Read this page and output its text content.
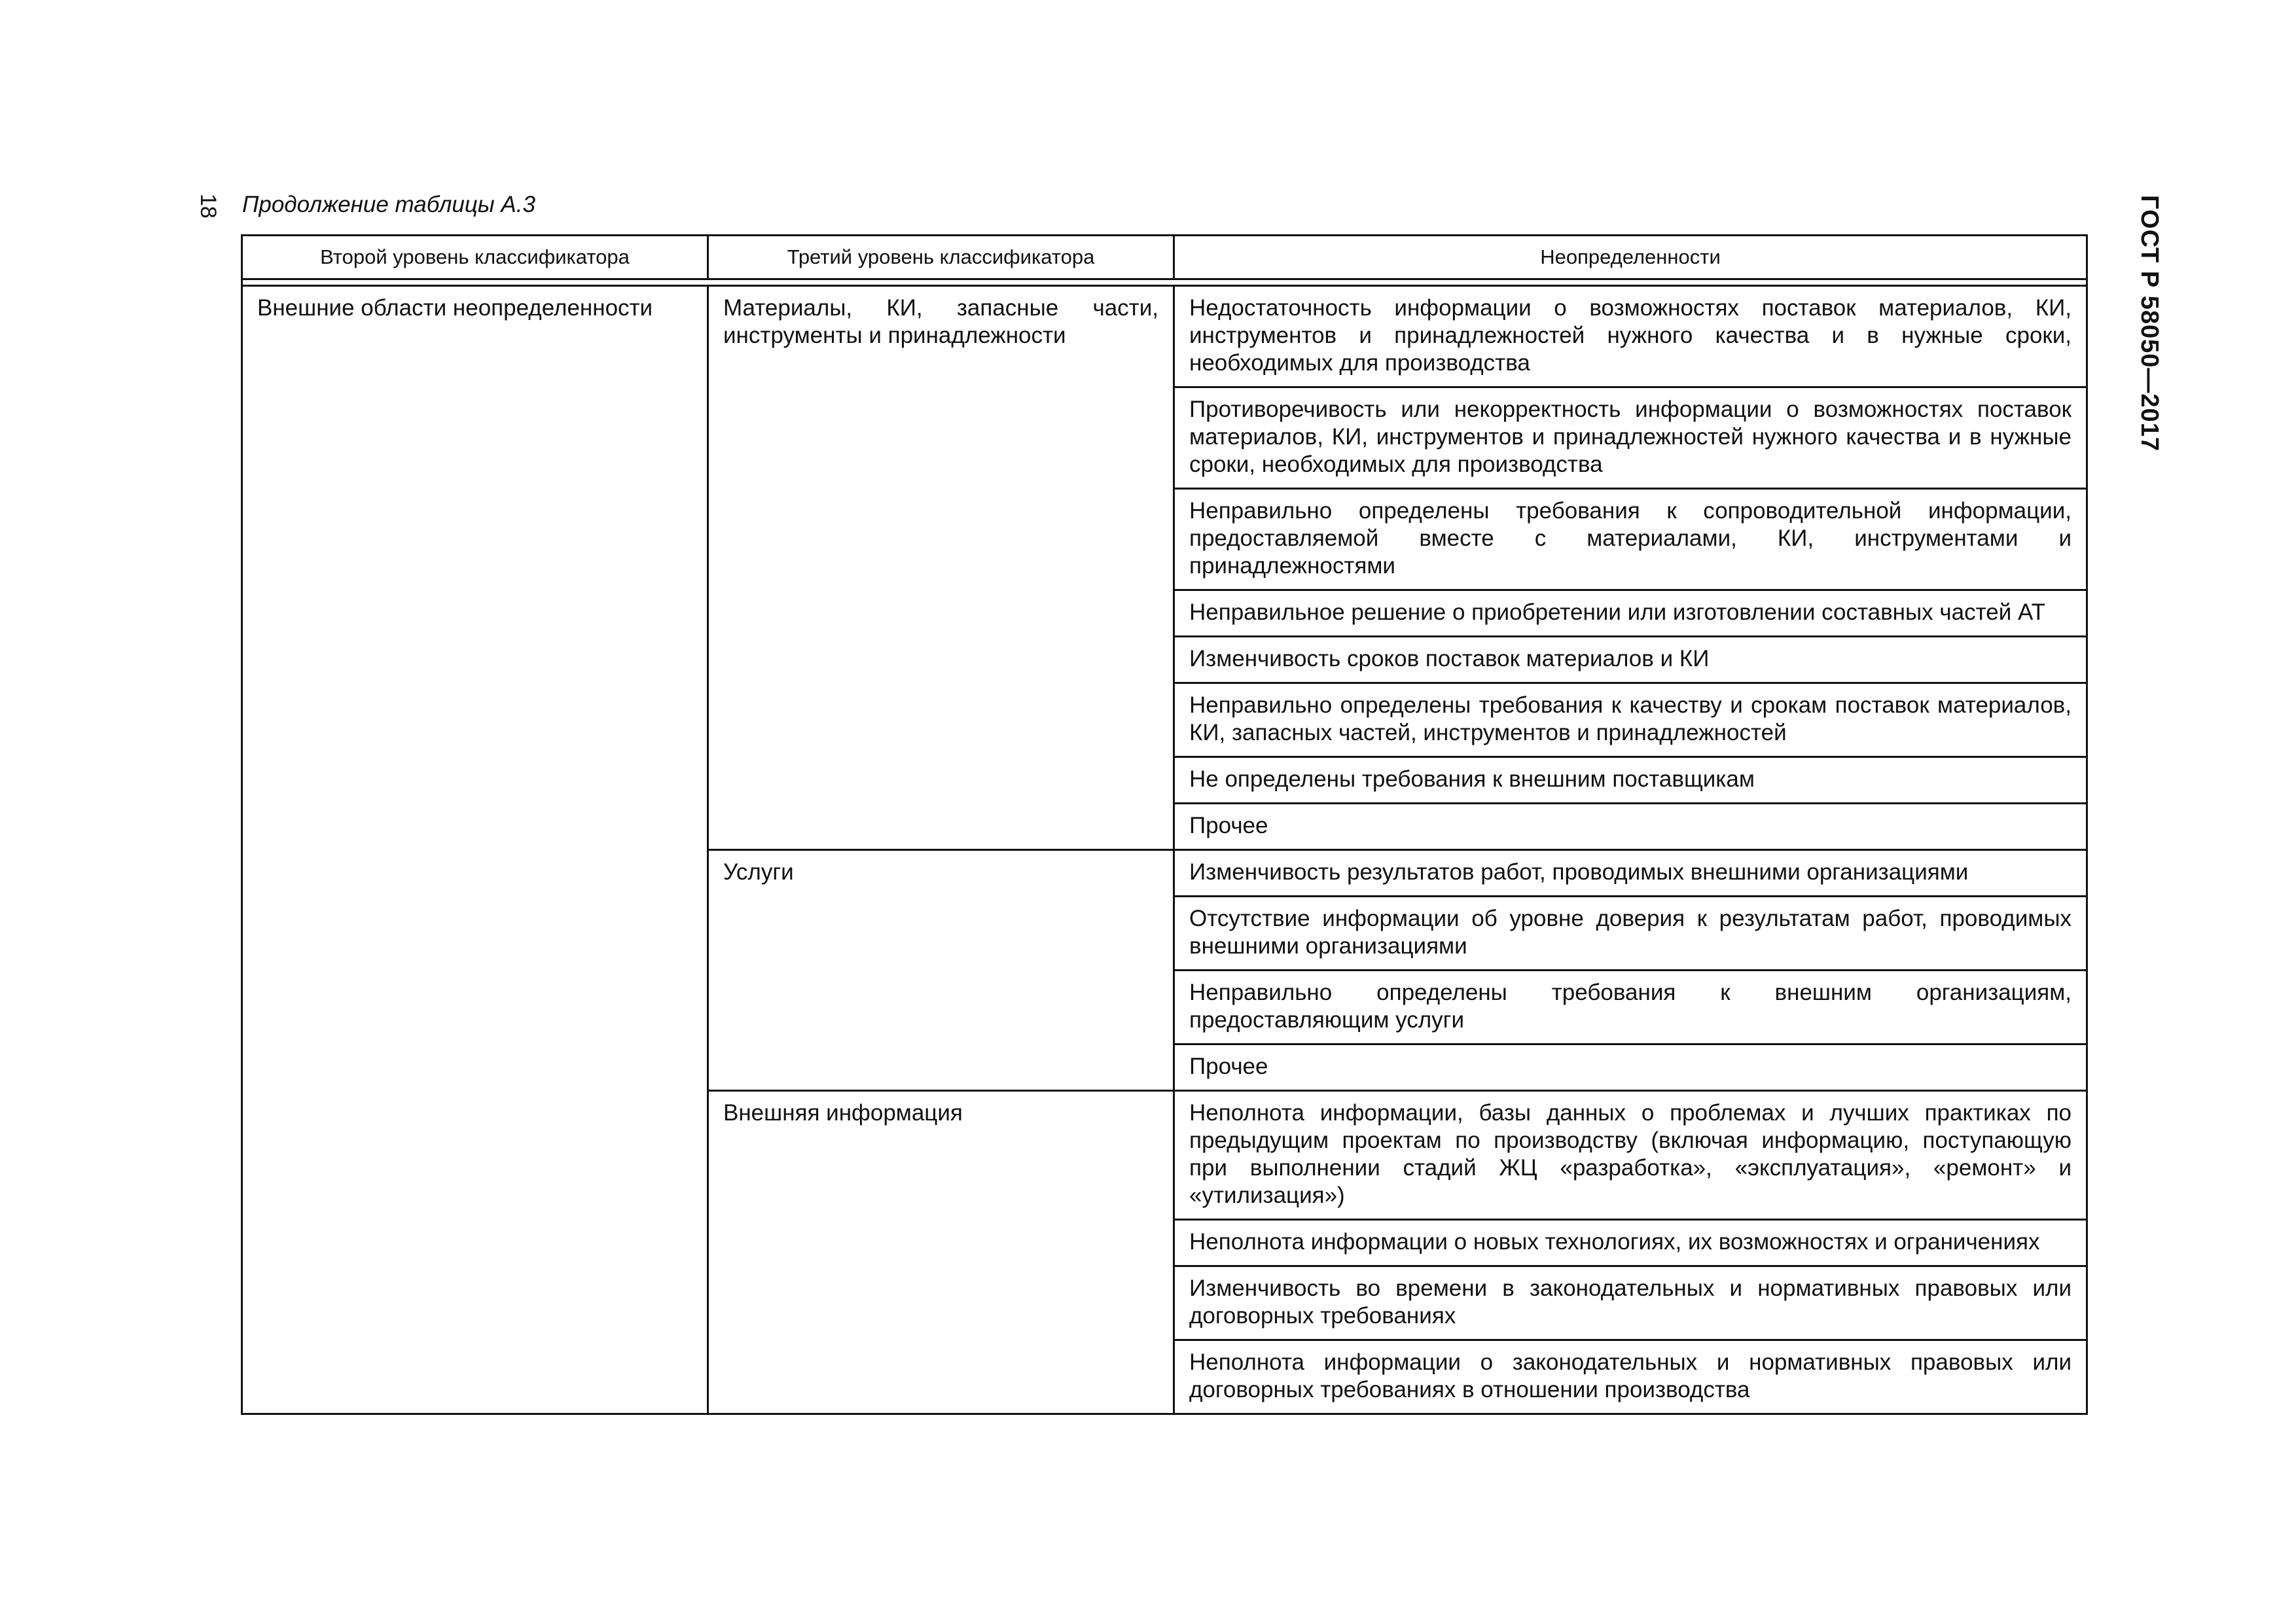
18 Продолжение таблицы А.3	ГОСТ Р 58050—2017
Второй уровень классификатора	Третий уровень классификатора	Неопределенности

Внешние области неопределенности	Материалы, КИ, запасные части, инструменты и принадлежности	Недостаточность информации о возможностях поставок материалов, КИ, инструментов и принадлежностей нужного качества и в нужные сроки, необходимых для производства
		Противоречивость или некорректность информации о возможностях поставок материалов, КИ, инструментов и принадлежностей нужного качества и в нужные сроки, необходимых для производства
		Неправильно определены требования к сопроводительной информации, предоставляемой вместе с материалами, КИ, инструментами и принадлежностями
		Неправильное решение о приобретении или изготовлении составных частей АТ
		Изменчивость сроков поставок материалов и КИ
		Неправильно определены требования к качеству и срокам поставок материалов, КИ, запасных частей, инструментов и принадлежностей
		Не определены требования к внешним поставщикам
		Прочее
	Услуги	Изменчивость результатов работ, проводимых внешними организациями
		Отсутствие информации об уровне доверия к результатам работ, проводимых внешними организациями
		Неправильно определены требования к внешним организациям, предоставляющим услуги
		Прочее
	Внешняя информация	Неполнота информации, базы данных о проблемах и лучших практиках по предыдущим проектам по производству (включая информацию, поступающую при выполнении стадий ЖЦ «разработка», «эксплуатация», «ремонт» и «утилизация»)
		Неполнота информации о новых технологиях, их возможностях и ограничениях
		Изменчивость во времени в законодательных и нормативных правовых или договорных требованиях
		Неполнота информации о законодательных и нормативных правовых или договорных требованиях в отношении производства
